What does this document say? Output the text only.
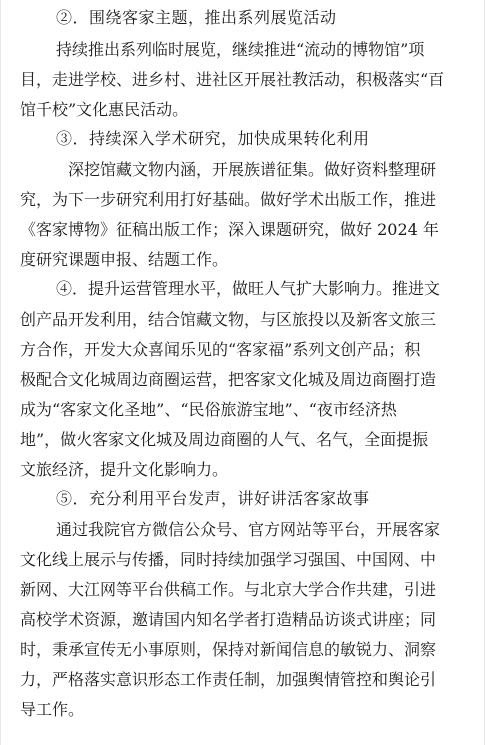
②．围绕客家主题，推出系列展览活动
持续推出系列临时展览，继续推进“流动的博物馆”项
目，走进学校、进乡村、进社区开展社教活动，积极落实“百
馆千校”文化惠民活动。
③．持续深入学术研究，加快成果转化利用
深挖馆藏文物内涵，开展族谱征集。做好资料整理研
究，为下一步研究利用打好基础。做好学术出版工作，推进
《客家博物》征稿出版工作；深入课题研究，做好 2024 年
度研究课题申报、结题工作。
④．提升运营管理水平，做旺人气扩大影响力。推进文
创产品开发利用，结合馆藏文物，与区旅投以及新客文旅三
方合作，开发大众喜闻乐见的“客家福”系列文创产品；积
极配合文化城周边商圈运营，把客家文化城及周边商圈打造
成为“客家文化圣地”、“民俗旅游宝地”、“夜市经济热
地”，做火客家文化城及周边商圈的人气、名气，全面提振
文旅经济，提升文化影响力。
⑤．充分利用平台发声，讲好讲活客家故事
通过我院官方微信公众号、官方网站等平台，开展客家
文化线上展示与传播，同时持续加强学习强国、中国网、中
新网、大江网等平台供稿工作。与北京大学合作共建，引进
高校学术资源，邀请国内知名学者打造精品访谈式讲座；同
时，秉承宣传无小事原则，保持对新闻信息的敏锐力、洞察
力，严格落实意识形态工作责任制，加强舆情管控和舆论引
导工作。
